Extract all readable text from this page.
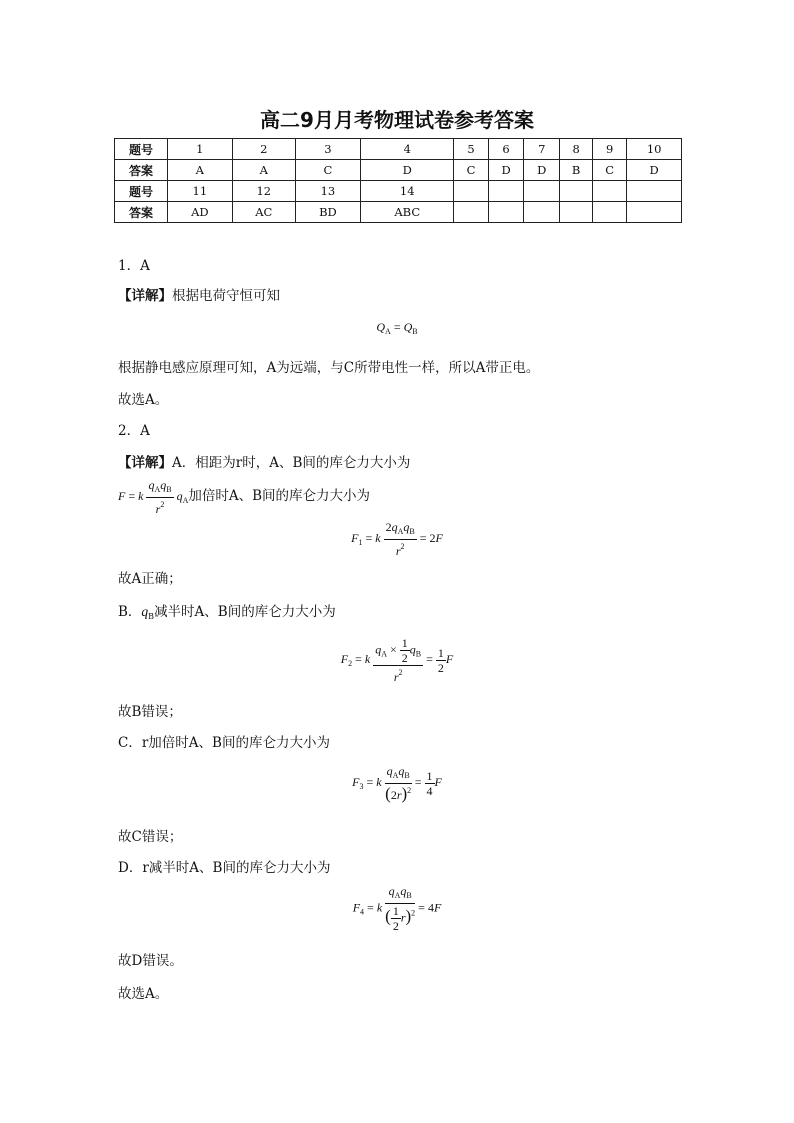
高二9月月考物理试卷参考答案
题号	1	2	3	4	5	6	7	8	9	10
答案	A	A	C	D	C	D	D	B	C	D
题号	11	12	13	14						
答案	AD	AC	BD	ABC						
1．A
【详解】根据电荷守恒可知
$Q_A = Q_B$
根据静电感应原理可知，A为远端，与C所带电性一样，所以A带正电。
故选A。
2．A
【详解】A．相距为r时，A、B间的库仑力大小为
F = k $\frac{q_Aq_B}{r^2} q_A$加倍时A、B间的库仑力大小为
$F_1 = k \frac{2q_Aq_B}{r^2} = 2F$
故A正确；
B．$q_B$减半时A、B间的库仑力大小为
$F_2 = k \frac{q_A \times \frac{1}{2} q_B}{r^2} = \frac{1}{2}$ F
故B错误；
C．r加倍时A、B间的库仑力大小为
$F_3 = k \frac{q_Aq_B}{(2r)^2} = \frac{1}{4}$ F
故C错误；
D．r减半时A、B间的库仑力大小为
$F_4 = k \frac{q_Aq_B}{( \frac{1}{2} r)^2} = 4F$
故D错误。
故选A。
